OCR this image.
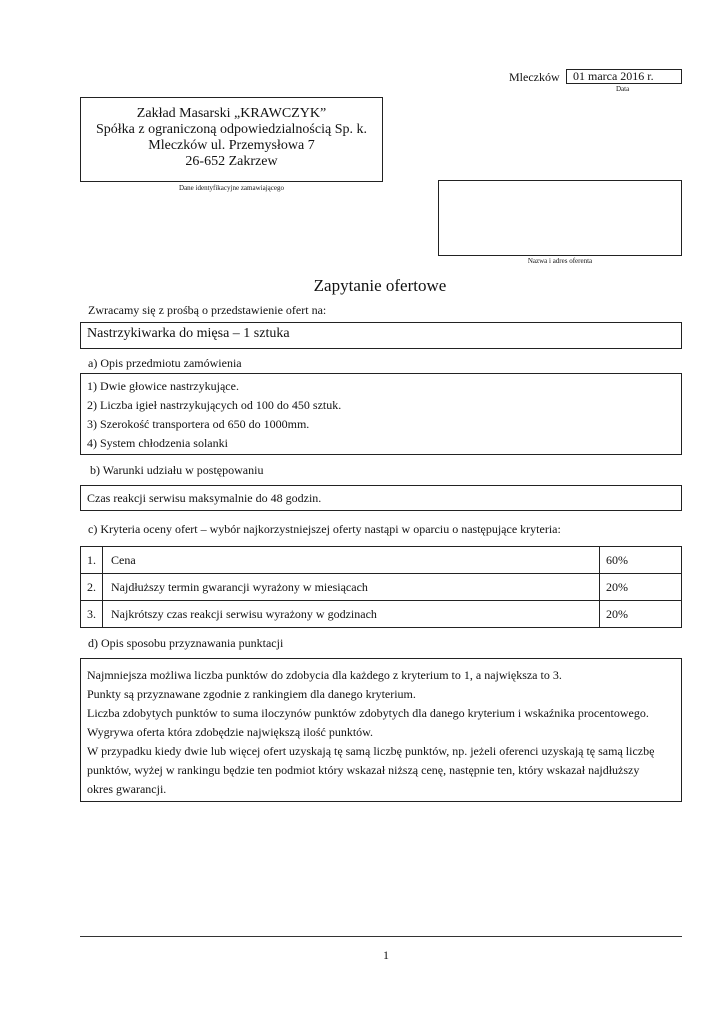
Mleczków	01 marca 2016 r.
Data
Zakład Masarski „KRAWCZYK”
Spółka z ograniczoną odpowiedzialnością Sp. k.
Mleczków ul. Przemysłowa 7
26-652 Zakrzew
Dane identyfikacyjne zamawiającego
Nazwa i adres oferenta
Zapytanie ofertowe
Zwracamy się z prośbą o przedstawienie ofert na:
Nastrzykiwarka do mięsa – 1 sztuka
a) Opis przedmiotu zamówienia
1) Dwie głowice nastrzykujące.
2) Liczba igieł nastrzykujących od 100 do 450 sztuk.
3) Szerokość transportera od 650 do 1000mm.
4) System chłodzenia solanki
b) Warunki udziału w postępowaniu
Czas reakcji serwisu maksymalnie do 48 godzin.
c) Kryteria oceny ofert – wybór najkorzystniejszej oferty nastąpi w oparciu o następujące kryteria:
1.	Cena	60%
2.	Najdłuższy termin gwarancji wyrażony w miesiącach	20%
3.	Najkrótszy czas reakcji serwisu wyrażony w godzinach	20%
d) Opis sposobu przyznawania punktacji
Najmniejsza możliwa liczba punktów do zdobycia dla każdego z kryterium to 1, a największa to 3.
Punkty są przyznawane zgodnie z rankingiem dla danego kryterium.
Liczba zdobytych punktów to suma iloczynów punktów zdobytych dla danego kryterium i wskaźnika procentowego.
Wygrywa oferta która zdobędzie największą ilość punktów.
W przypadku kiedy dwie lub więcej ofert uzyskają tę samą liczbę punktów, np. jeżeli oferenci uzyskają tę samą liczbę
punktów, wyżej w rankingu będzie ten podmiot który wskazał niższą cenę, następnie ten, który wskazał najdłuższy
okres gwarancji.
1
